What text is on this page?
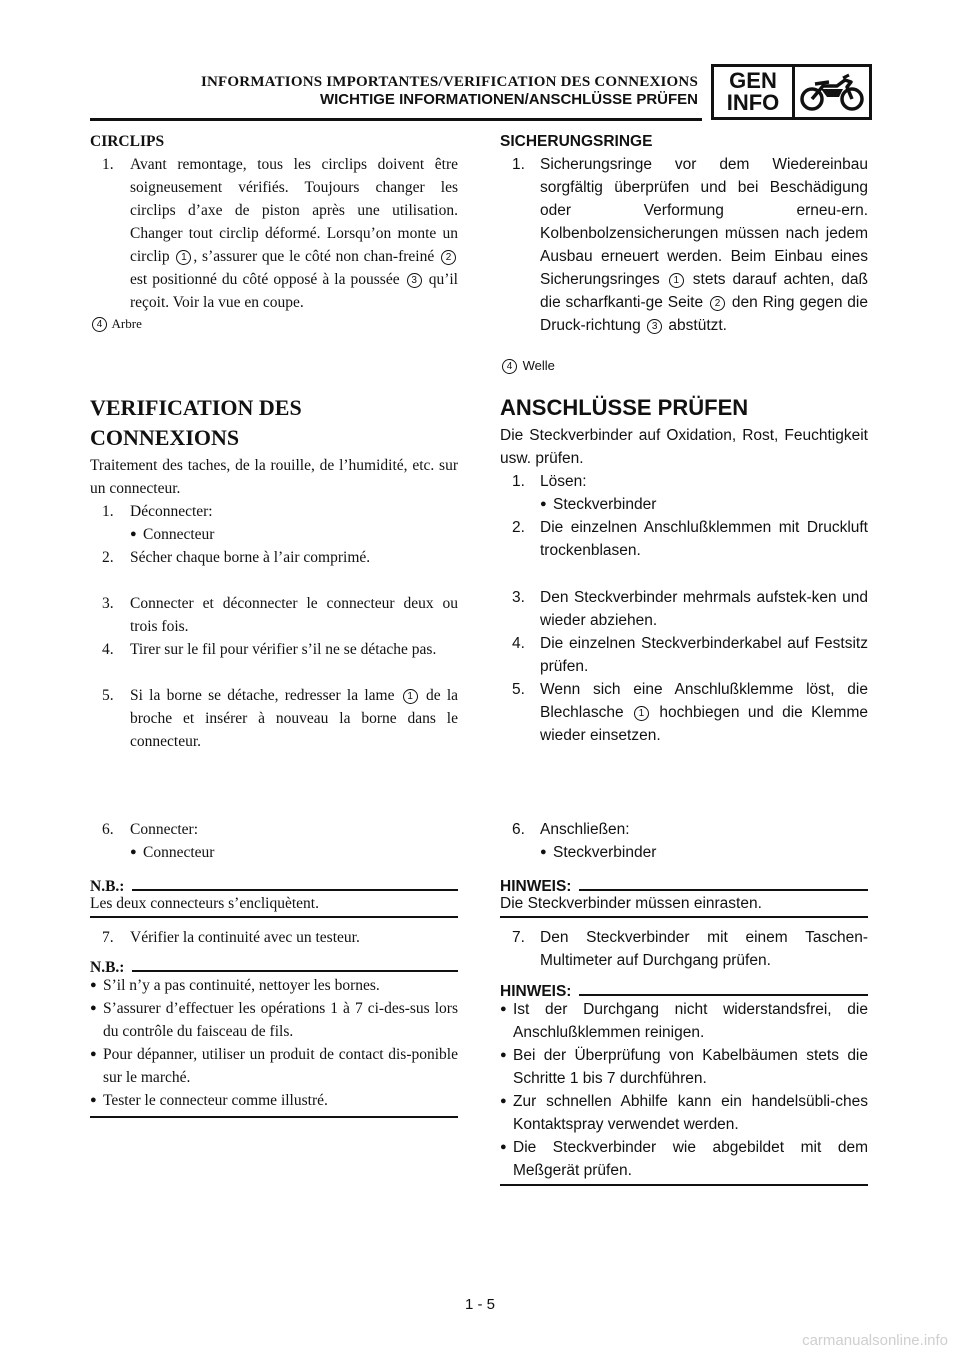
INFORMATIONS IMPORTANTES/VERIFICATION DES CONNEXIONS
WICHTIGE INFORMATIONEN/ANSCHLÜSSE PRÜFEN
GEN
INFO
CIRCLIPS
1.	Avant remontage, tous les circlips doivent être soigneusement vérifiés. Toujours changer les circlips d’axe de piston après une utilisation. Changer tout circlip déformé. Lorsqu’on monte un circlip 1 , s’assurer que le côté non chan-freiné 2 est positionné du côté opposé à la poussée 3 qu’il reçoit. Voir la vue en coupe.
4 Arbre
VERIFICATION DES
CONNEXIONS
Traitement des taches, de la rouille, de l’humidité, etc. sur un connecteur.
1.	Déconnecter:
● Connecteur
2.	Sécher chaque borne à l’air comprimé.
3.	Connecter et déconnecter le connecteur deux ou trois fois.
4.	Tirer sur le fil pour vérifier s’il ne se détache pas.
5.	Si la borne se détache, redresser la lame 1 de la broche et insérer à nouveau la borne dans le connecteur.
6.	Connecter:
● Connecteur
N.B.:
Les deux connecteurs s’encliquètent.
7.	Vérifier la continuité avec un testeur.
N.B.:
● S’il n’y a pas continuité, nettoyer les bornes.
● S’assurer d’effectuer les opérations 1 à 7 ci-des-sus lors du contrôle du faisceau de fils.
● Pour dépanner, utiliser un produit de contact dis-ponible sur le marché.
● Tester le connecteur comme illustré.
SICHERUNGSRINGE
1. Sicherungsringe vor dem Wiedereinbau sorgfältig überprüfen und bei Beschädigung oder Verformung erneu-ern. Kolbenbolzensicherungen müssen nach jedem Ausbau erneuert werden. Beim Einbau eines Sicherungsringes 1 stets darauf achten, daß die scharfkanti-ge Seite 2 den Ring gegen die Druck-richtung 3 abstützt.
4 Welle
ANSCHLÜSSE PRÜFEN
Die Steckverbinder auf Oxidation, Rost, Feuchtigkeit usw. prüfen.
1. Lösen:
● Steckverbinder
2. Die einzelnen Anschlußklemmen mit Druckluft trockenblasen.
3. Den Steckverbinder mehrmals aufstek-ken und wieder abziehen.
4. Die einzelnen Steckverbinderkabel auf Festsitz prüfen.
5. Wenn sich eine Anschlußklemme löst, die Blechlasche 1 hochbiegen und die Klemme wieder einsetzen.
6. Anschließen:
● Steckverbinder
HINWEIS:
Die Steckverbinder müssen einrasten.
7. Den Steckverbinder mit einem Taschen-Multimeter auf Durchgang prüfen.
HINWEIS:
● Ist der Durchgang nicht widerstandsfrei, die Anschlußklemmen reinigen.
● Bei der Überprüfung von Kabelbäumen stets die Schritte 1 bis 7 durchführen.
● Zur schnellen Abhilfe kann ein handelsübli-ches Kontaktspray verwendet werden.
● Die Steckverbinder wie abgebildet mit dem Meßgerät prüfen.
1 - 5
carmanualsonline.info
